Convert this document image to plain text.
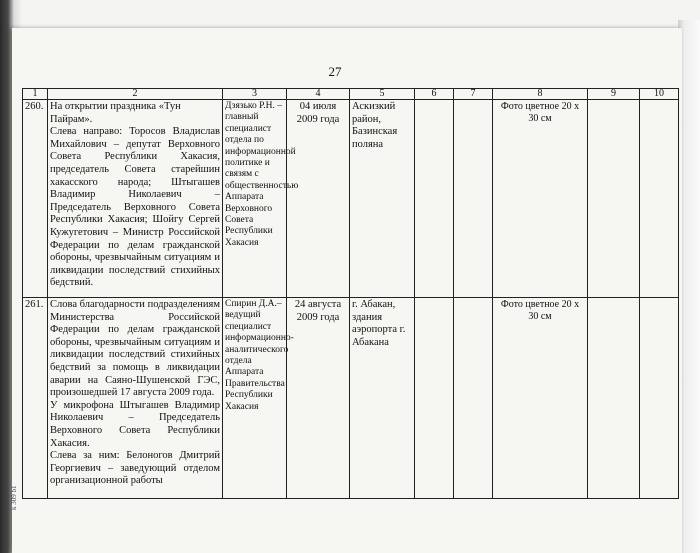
27
k 309 b1
1	2	3	4	5	6	7	8	9	10
260.	На открытии праздника «Тун Пайрам».

Слева направо: Торосов Владислав Михайлович – депутат Верховного Совета Республики Хакасия, председатель Совета старейшин хакасского народа; Штыгашев Владимир Николаевич – Председатель Верховного Совета Республики Хакасия; Шойгу Сергей Кужугетович – Министр Российской Федерации по делам гражданской обороны, чрезвычайным ситуациям и ликвидации последствий стихийных бедствий.	Дзязько Р.Н. – главный специалист отдела по информационной политике и связям с общественностью Аппарата Верховного Совета Республики Хакасия	04 июля 2009 года	Аскизкий район, Базинская поляна			Фото цветное 20 х 30 см		
261.	Слова благодарности подразделениям Министерства Российской Федерации по делам гражданской обороны, чрезвычайным ситуациям и ликвидации последствий стихийных бедствий за помощь в ликвидации аварии на Саяно-Шушенской ГЭС, произошедшей 17 августа 2009 года.

У микрофона Штыгашев Владимир Николаевич – Председатель Верховного Совета Республики Хакасия.

Слева за ним: Белоногов Дмитрий Георгиевич – заведующий отделом организационной работы	Спирин Д.А.– ведущий специалист информационно-аналитического отдела Аппарата Правительства Республики Хакасия	24 августа 2009 года	г. Абакан, здания аэропорта г. Абакана			Фото цветное 20 х 30 см		
